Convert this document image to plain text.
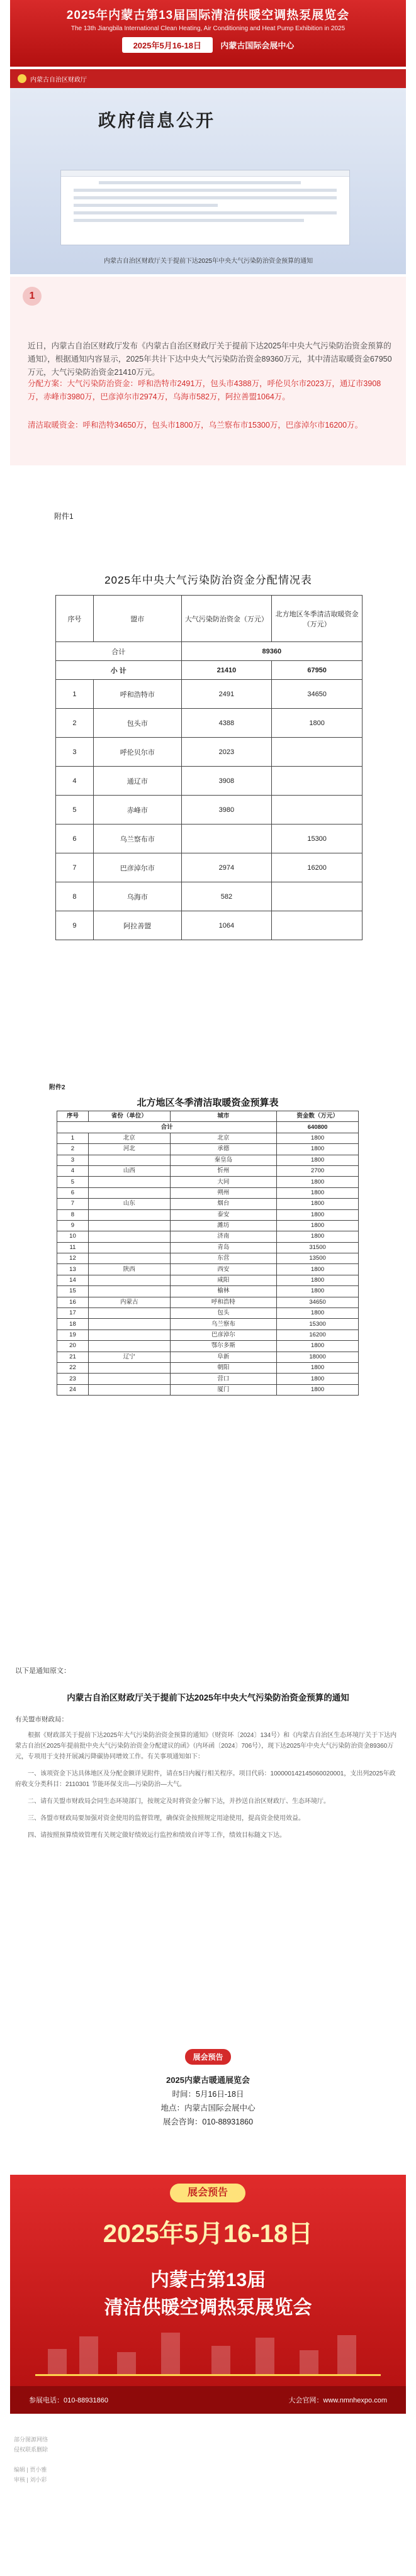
2025年内蒙古第13届国际清洁供暖空调热泵展览会
The 13th Jiangbila International Clean Heating, Air Conditioning and Heat Pump Exhibition in 2025
2025年5月16-18日 内蒙古国际会展中心
内蒙古自治区财政厅
政府信息公开
内蒙古自治区财政厅关于提前下达2025年中央大气污染防治资金预算的通知
1
近日，内蒙古自治区财政厅发布《内蒙古自治区财政厅关于提前下达2025年中央大气污染防治资金预算的通知》，根据通知内容显示，2025年共计下达中央大气污染防治资金89360万元，其中清洁取暖资金67950万元，大气污染防治资金21410万元。
分配方案：大气污染防治资金：呼和浩特市2491万，包头市4388万，呼伦贝尔市2023万，通辽市3908万，赤峰市3980万，巴彦淖尔市2974万，乌海市582万，阿拉善盟1064万。
清洁取暖资金：呼和浩特34650万，包头市1800万，乌兰察布市15300万，巴彦淖尔市16200万。
附件1
2025年中央大气污染防治资金分配情况表
序号	盟市	大气污染防治资金（万元）	北方地区冬季清洁取暖资金（万元）
合计		89360	
小 计		21410	67950
1	呼和浩特市	2491	34650
2	包头市	4388	1800
3	呼伦贝尔市	2023	
4	通辽市	3908	
5	赤峰市	3980	
6	乌兰察布市		15300
7	巴彦淖尔市	2974	16200
8	乌海市	582	
9	阿拉善盟	1064	
附件2
北方地区冬季清洁取暖资金预算表
序号	省份（单位）	城市	资金数（万元）
合计			640800
1	北京	北京	1800
2	河北	承德	1800
3		秦皇岛	1800
4	山西	忻州	2700
5		大同	1800
6		朔州	1800
7	山东	烟台	1800
8		泰安	1800
9		潍坊	1800
10		济南	1800
11		青岛	31500
12		东营	13500
13	陕西	西安	1800
14		咸阳	1800
15		榆林	1800
16	内蒙古	呼和浩特	34650
17		包头	1800
18		乌兰察布	15300
19		巴彦淖尔	16200
20		鄂尔多斯	1800
21	辽宁	阜新	18000
22		朝阳	1800
23		营口	1800
24		厦门	1800
以下是通知原文：
内蒙古自治区财政厅关于提前下达2025年中央大气污染防治资金预算的通知
有关盟市财政局：
根据《财政部关于提前下达2025年大气污染防治资金预算的通知》（财资环〔2024〕134号）和《内蒙古自治区生态环境厅关于下达内蒙古自治区2025年提前批中央大气污染防治资金分配建议的函》（内环函〔2024〕706号），现下达2025年中央大气污染防治资金89360万元，专项用于支持开展减污降碳协同增效工作。有关事项通知如下：
一、该项资金下达具体地区及分配金额详见附件，请在5日内履行相关程序。项目代码：100000142145060020001，支出列2025年政府收支分类科目：2110301 节能环保支出—污染防治—大气。
二、请有关盟市财政局会同生态环境部门，按规定及时将资金分解下达，并抄送自治区财政厅、生态环境厅。
三、各盟市财政局要加强对资金使用的监督管理，确保资金按照规定用途使用，提高资金使用效益。
四、请按照预算绩效管理有关规定做好绩效运行监控和绩效自评等工作，绩效目标随文下达。
展会预告
2025内蒙古暖通展览会
时间：5月16日-18日
地点：内蒙古国际会展中心
展会咨询：010-88931860
展会预告
2025年5月16-18日
内蒙古第13届
清洁供暖空调热泵展览会
参展电话：010-88931860	大会官网：www.nmnhexpo.com
部分图源网络
侵权联系删除
编辑 | 贾小雅
审核 | 刘小彩
